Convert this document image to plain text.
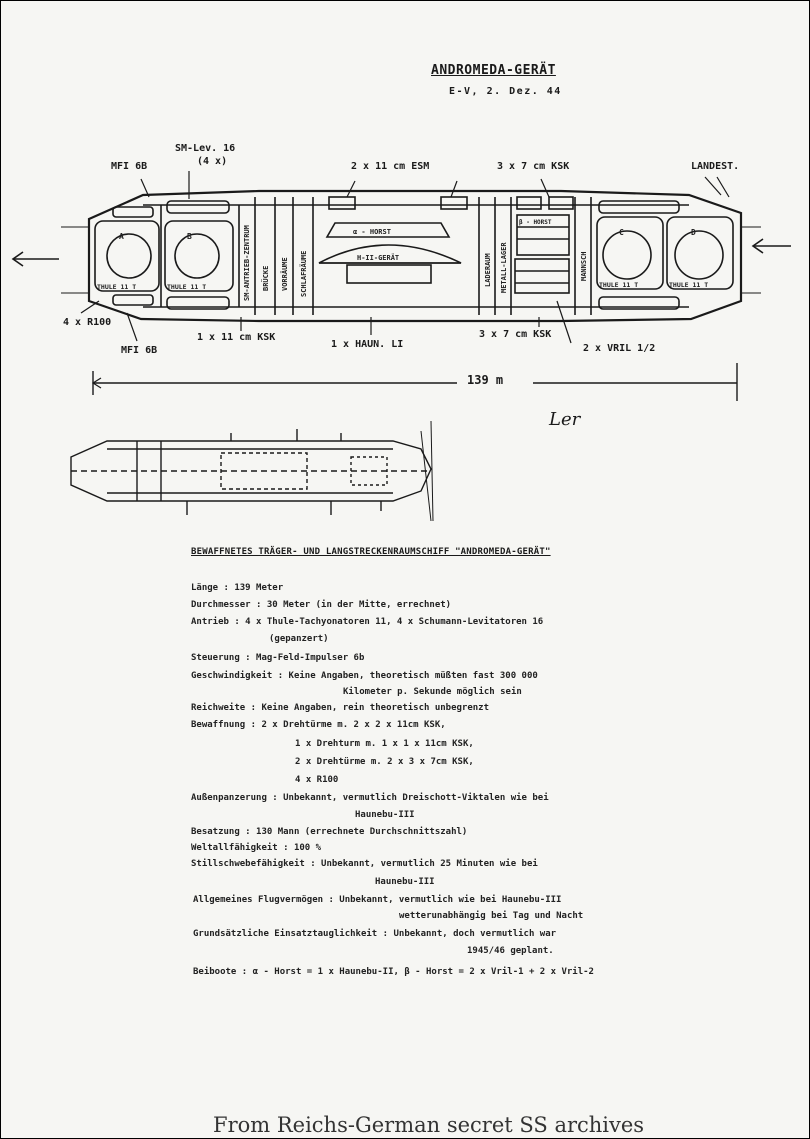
ANDROMEDA-GERÄT
E-V, 2. Dez. 44
SM-ANTRIEB-ZENTRUM BRÜCKE VORRÄUME SCHLAFRÄUME	LADERAUM METALL-LAGER	MANNSCH
A	B	C	D
THULE 11 T	THULE 11 T	THULE 11 T	THULE 11 T
α - HORST
H-II-GERÄT
β - HORST
MFI 6B
SM-Lev. 16
(4 x)	2 x 11 cm ESM	3 x 7 cm KSK	LANDEST.
4 x R100
MFI 6B
1 x 11 cm KSK
1 x HAUN. LI
3 x 7 cm KSK
2 x VRIL 1/2
139 m
Ler
BEWAFFNETES TRÄGER- UND LANGSTRECKENRAUMSCHIFF "ANDROMEDA-GERÄT"
Länge : 139 Meter
Durchmesser : 30 Meter (in der Mitte, errechnet)
Antrieb : 4 x Thule-Tachyonatoren 11, 4 x Schumann-Levitatoren 16
(gepanzert)
Steuerung : Mag-Feld-Impulser 6b
Geschwindigkeit : Keine Angaben, theoretisch müßten fast 300 000
Kilometer p. Sekunde möglich sein
Reichweite : Keine Angaben, rein theoretisch unbegrenzt
Bewaffnung : 2 x Drehtürme m. 2 x 2 x 11cm KSK,
1 x Drehturm m. 1 x 1 x 11cm KSK,
2 x Drehtürme m. 2 x 3 x 7cm KSK,
4 x R100
Außenpanzerung : Unbekannt, vermutlich Dreischott-Viktalen wie bei
Haunebu-III
Besatzung : 130 Mann (errechnete Durchschnittszahl)
Weltallfähigkeit : 100 %
Stillschwebefähigkeit : Unbekannt, vermutlich 25 Minuten wie bei
Haunebu-III
Allgemeines Flugvermögen : Unbekannt, vermutlich wie bei Haunebu-III
wetterunabhängig bei Tag und Nacht
Grundsätzliche Einsatztauglichkeit : Unbekannt, doch vermutlich war
1945/46 geplant.
Beiboote : α - Horst = 1 x Haunebu-II, β - Horst = 2 x Vril-1 + 2 x Vril-2
From Reichs-German secret SS archives
